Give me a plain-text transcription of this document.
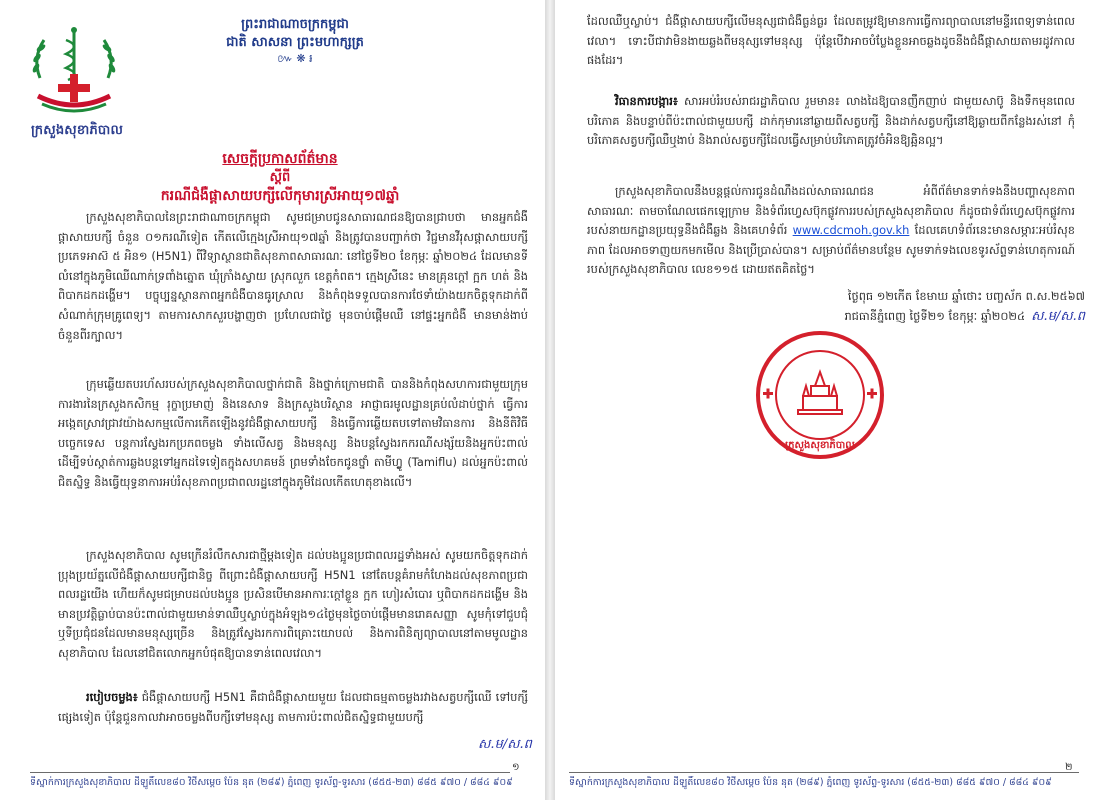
ក្រសួងសុខាភិបាល
ព្រះរាជាណាចក្រកម្ពុជា
ជាតិ សាសនា ព្រះមហាក្សត្រ
៚ ❋ ៛
សេចក្តីប្រកាសព័ត៌មាន
ស្តីពី
ករណីជំងឺផ្តាសាយបក្សីលើកុមារស្រីអាយុ១៧ឆ្នាំ
ក្រសួងសុខាភិបាលនៃព្រះរាជាណាចក្រកម្ពុជា សូមជម្រាបជូនសាធារណជនឱ្យបានជ្រាបថា មានអ្នកជំងឺផ្តាសាយបក្សី ចំនួន ០១ករណីទៀត កើតលើក្មេងស្រីអាយុ១៧ឆ្នាំ និងត្រូវបានបញ្ជាក់ថា វិជ្ជមានវីរុសផ្តាសាយបក្សី ប្រភេទអាស៊ ៥ អិន១ (H5N1) ពីវិទ្យាស្ថានជាតិសុខភាពសាធារណៈ នៅថ្ងៃទី២០ ខែកុម្ភៈ ឆ្នាំ២០២៤ ដែលមានទីលំនៅក្នុងភូមិឈើណាក់ទ្រពាំងត្នោត ឃុំក្រាំងស្វាយ ស្រុកលួក ខេត្តកំពត។ ក្មេងស្រីនេះ មានគ្រុនក្តៅ ក្អក ហត់ និងពិបាកដកដង្ហើម។ បច្ចុប្បន្នស្ថានភាពអ្នកជំងឺបានធូរស្រាល និងកំពុងទទួលបានការថែទាំយ៉ាងយកចិត្តទុកដាក់ពីសំណាក់ក្រុមគ្រូពេទ្យ។ តាមការសាកសួរបង្ហាញថា ប្រហែលជាថ្ងៃ មុនចាប់ផ្តើមឈឺ នៅផ្ទះអ្នកជំងឺ មានមាន់ងាប់ចំនួនពីរក្បាល។
ក្រុមឆ្លើយតបរហ័សរបស់ក្រសួងសុខាភិបាលថ្នាក់ជាតិ និងថ្នាក់ក្រោមជាតិ បាននិងកំពុងសហការជាមួយក្រុមការងារនៃក្រសួងកសិកម្ម រុក្ខាប្រមាញ់ និងនេសាទ និងក្រសួងបរិស្ថាន អាជ្ញាធរមូលដ្ឋានគ្រប់លំដាប់ថ្នាក់ ធ្វើការអង្កេតស្រាវជ្រាវយ៉ាងសកម្មលើការកើតឡើងនូវជំងឺផ្តាសាយបក្សី និងធ្វើការឆ្លើយតបទៅតាមវិធានការ និងនីតិវិធីបច្ចេកទេស បន្តការស្វែងរកប្រភពចម្លង ទាំងលើសត្វ និងមនុស្ស និងបន្តស្វែងរកករណីសង្ស័យនិងអ្នកប៉ះពាល់ដើម្បីទប់ស្កាត់ការឆ្លងបន្តទៅអ្នកដទៃទៀតក្នុងសហគមន៍ ព្រមទាំងចែកជូនថ្នាំ តាមីហ្វ្លូ (Tamiflu) ដល់អ្នកប៉ះពាល់ជិតស្និទ្ធ និងធ្វើយុទ្ធនាការអប់រំសុខភាពប្រជាពលរដ្ឋនៅក្នុងភូមិដែលកើតហេតុខាងលើ។
ក្រសួងសុខាភិបាល សូមក្រើនរំលឹកសារជាថ្មីម្តងទៀត ដល់បងប្អូនប្រជាពលរដ្ឋទាំងអស់ សូមយកចិត្តទុកដាក់ប្រុងប្រយ័ត្នលើជំងឺផ្តាសាយបក្សីជានិច្ច ពីព្រោះជំងឺផ្តាសាយបក្សី H5N1 នៅតែបន្តគំរាមកំហែងដល់សុខភាពប្រជាពលរដ្ឋយើង ហើយក៏សូមជម្រាបដល់បងប្អូន ប្រសិនបើមានអាការៈក្តៅខ្លួន ក្អក ហៀរសំបោរ ឬពិបាកដកដង្ហើម និងមានប្រវត្តិធ្លាប់បានប៉ះពាល់ជាមួយមាន់ទាឈឺឬស្លាប់ក្នុងអំឡុង១៤ថ្ងៃមុនថ្ងៃចាប់ផ្តើមមានរោគសញ្ញា សូមកុំទៅជួបជុំ ឬទីប្រជុំជនដែលមានមនុស្សច្រើន និងត្រូវស្វែងរកការពិគ្រោះយោបល់ និងការពិនិត្យព្យាបាលនៅតាមមូលដ្ឋានសុខាភិបាល ដែលនៅជិតលោកអ្នកបំផុតឱ្យបានទាន់ពេលវេលា។
របៀបចម្លង៖ ជំងឺផ្តាសាយបក្សី H5N1 គឺជាជំងឺផ្តាសាយមួយ ដែលជាធម្មតាចម្លងរវាងសត្វបក្សីឈើ ទៅបក្សីផ្សេងទៀត ប៉ុន្តែជួនកាលវាអាចចម្លងពីបក្សីទៅមនុស្ស តាមការប៉ះពាល់ជិតស្និទ្ធជាមួយបក្សី
ស.ម/ស.ព
១
ទីស្នាក់ការក្រសួងសុខាភិបាល ដីឡូតិ៍លេខ៨០ វិថីសម្តេច ប៉ែន នុត (២៨៩) ភ្នំពេញ ទូរស័ព្ទ-ទូរសារ (៨៥៥-២៣) ៨៨៥ ៩៧០ / ៨៨៤ ៩០៩
ដែលឈឺឬស្លាប់។ ជំងឺផ្តាសាយបក្សីលើមនុស្សជាជំងឺធ្ងន់ធ្ងរ ដែលតម្រូវឱ្យមានការធ្វើការព្យាបាលនៅមន្ទីរពេទ្យទាន់ពេលវេលា។ ទោះបីជាវាមិនងាយឆ្លងពីមនុស្សទៅមនុស្ស ប៉ុន្តែបើវាអាចបំប្លែងខ្លួនអាចឆ្លងដូចនឹងជំងឺផ្តាសាយតាមរដូវកាលផងដែរ។
វិធានការបង្ការ៖ សារអប់រំរបស់រាជរដ្ឋាភិបាល រួមមាន៖ លាងដៃឱ្យបានញឹកញាប់ ជាមួយសាប៊ូ និងទឹកមុនពេលបរិភោគ និងបន្ទាប់ពីប៉ះពាល់ជាមួយបក្សី ដាក់កុមារនៅឆ្ងាយពីសត្វបក្សី និងដាក់សត្វបក្សីនៅឱ្យឆ្ងាយពីកន្លែងរស់នៅ កុំបរិភោគសត្វបក្សីឈឺឬងាប់ និងរាល់សត្វបក្សីដែលធ្វើសម្រាប់បរិភោគត្រូវចំអិនឱ្យឆ្អិនល្អ។
ក្រសួងសុខាភិបាលនឹងបន្តផ្តល់ការជូនដំណឹងដល់សាធារណជន អំពីព័ត៌មានទាក់ទងនឹងបញ្ហាសុខភាពសាធារណៈ តាមចាណែលផេកឡេក្រាម និងទំព័រហ្វេសប៊ុកផ្លូវការរបស់ក្រសួងសុខាភិបាល ក៏ដូចជាទំព័រហ្វេសប៊ុកផ្លូវការរបស់នាយកដ្ឋានប្រយុទ្ធនឹងជំងឺឆ្លង និងគេហទំព័រ www.cdcmoh.gov.kh ដែលគេហទំព័រនេះមានសម្ភារៈអប់រំសុខភាព ដែលអាចទាញយកមកមើល និងប្រើប្រាស់បាន។ សម្រាប់ព័ត៌មានបន្ថែម សូមទាក់ទងលេខទូរស័ព្ទទាន់ហេតុការណ៍របស់ក្រសួងសុខាភិបាល លេខ១១៥ ដោយឥតគិតថ្លៃ។
ថ្ងៃពុធ ១២កើត ខែមាឃ ឆ្នាំថោះ បញ្ចស័ក ព.ស.២៥៦៧
រាជធានីភ្នំពេញ ថ្ងៃទី២១ ខែកុម្ភៈ ឆ្នាំ២០២៤ ស.ម/ស.ព
ក្រសួងសុខាភិបាល
២
ទីស្នាក់ការក្រសួងសុខាភិបាល ដីឡូតិ៍លេខ៨០ វិថីសម្តេច ប៉ែន នុត (២៨៩) ភ្នំពេញ ទូរស័ព្ទ-ទូរសារ (៨៥៥-២៣) ៨៨៥ ៩៧០ / ៨៨៤ ៩០៩
